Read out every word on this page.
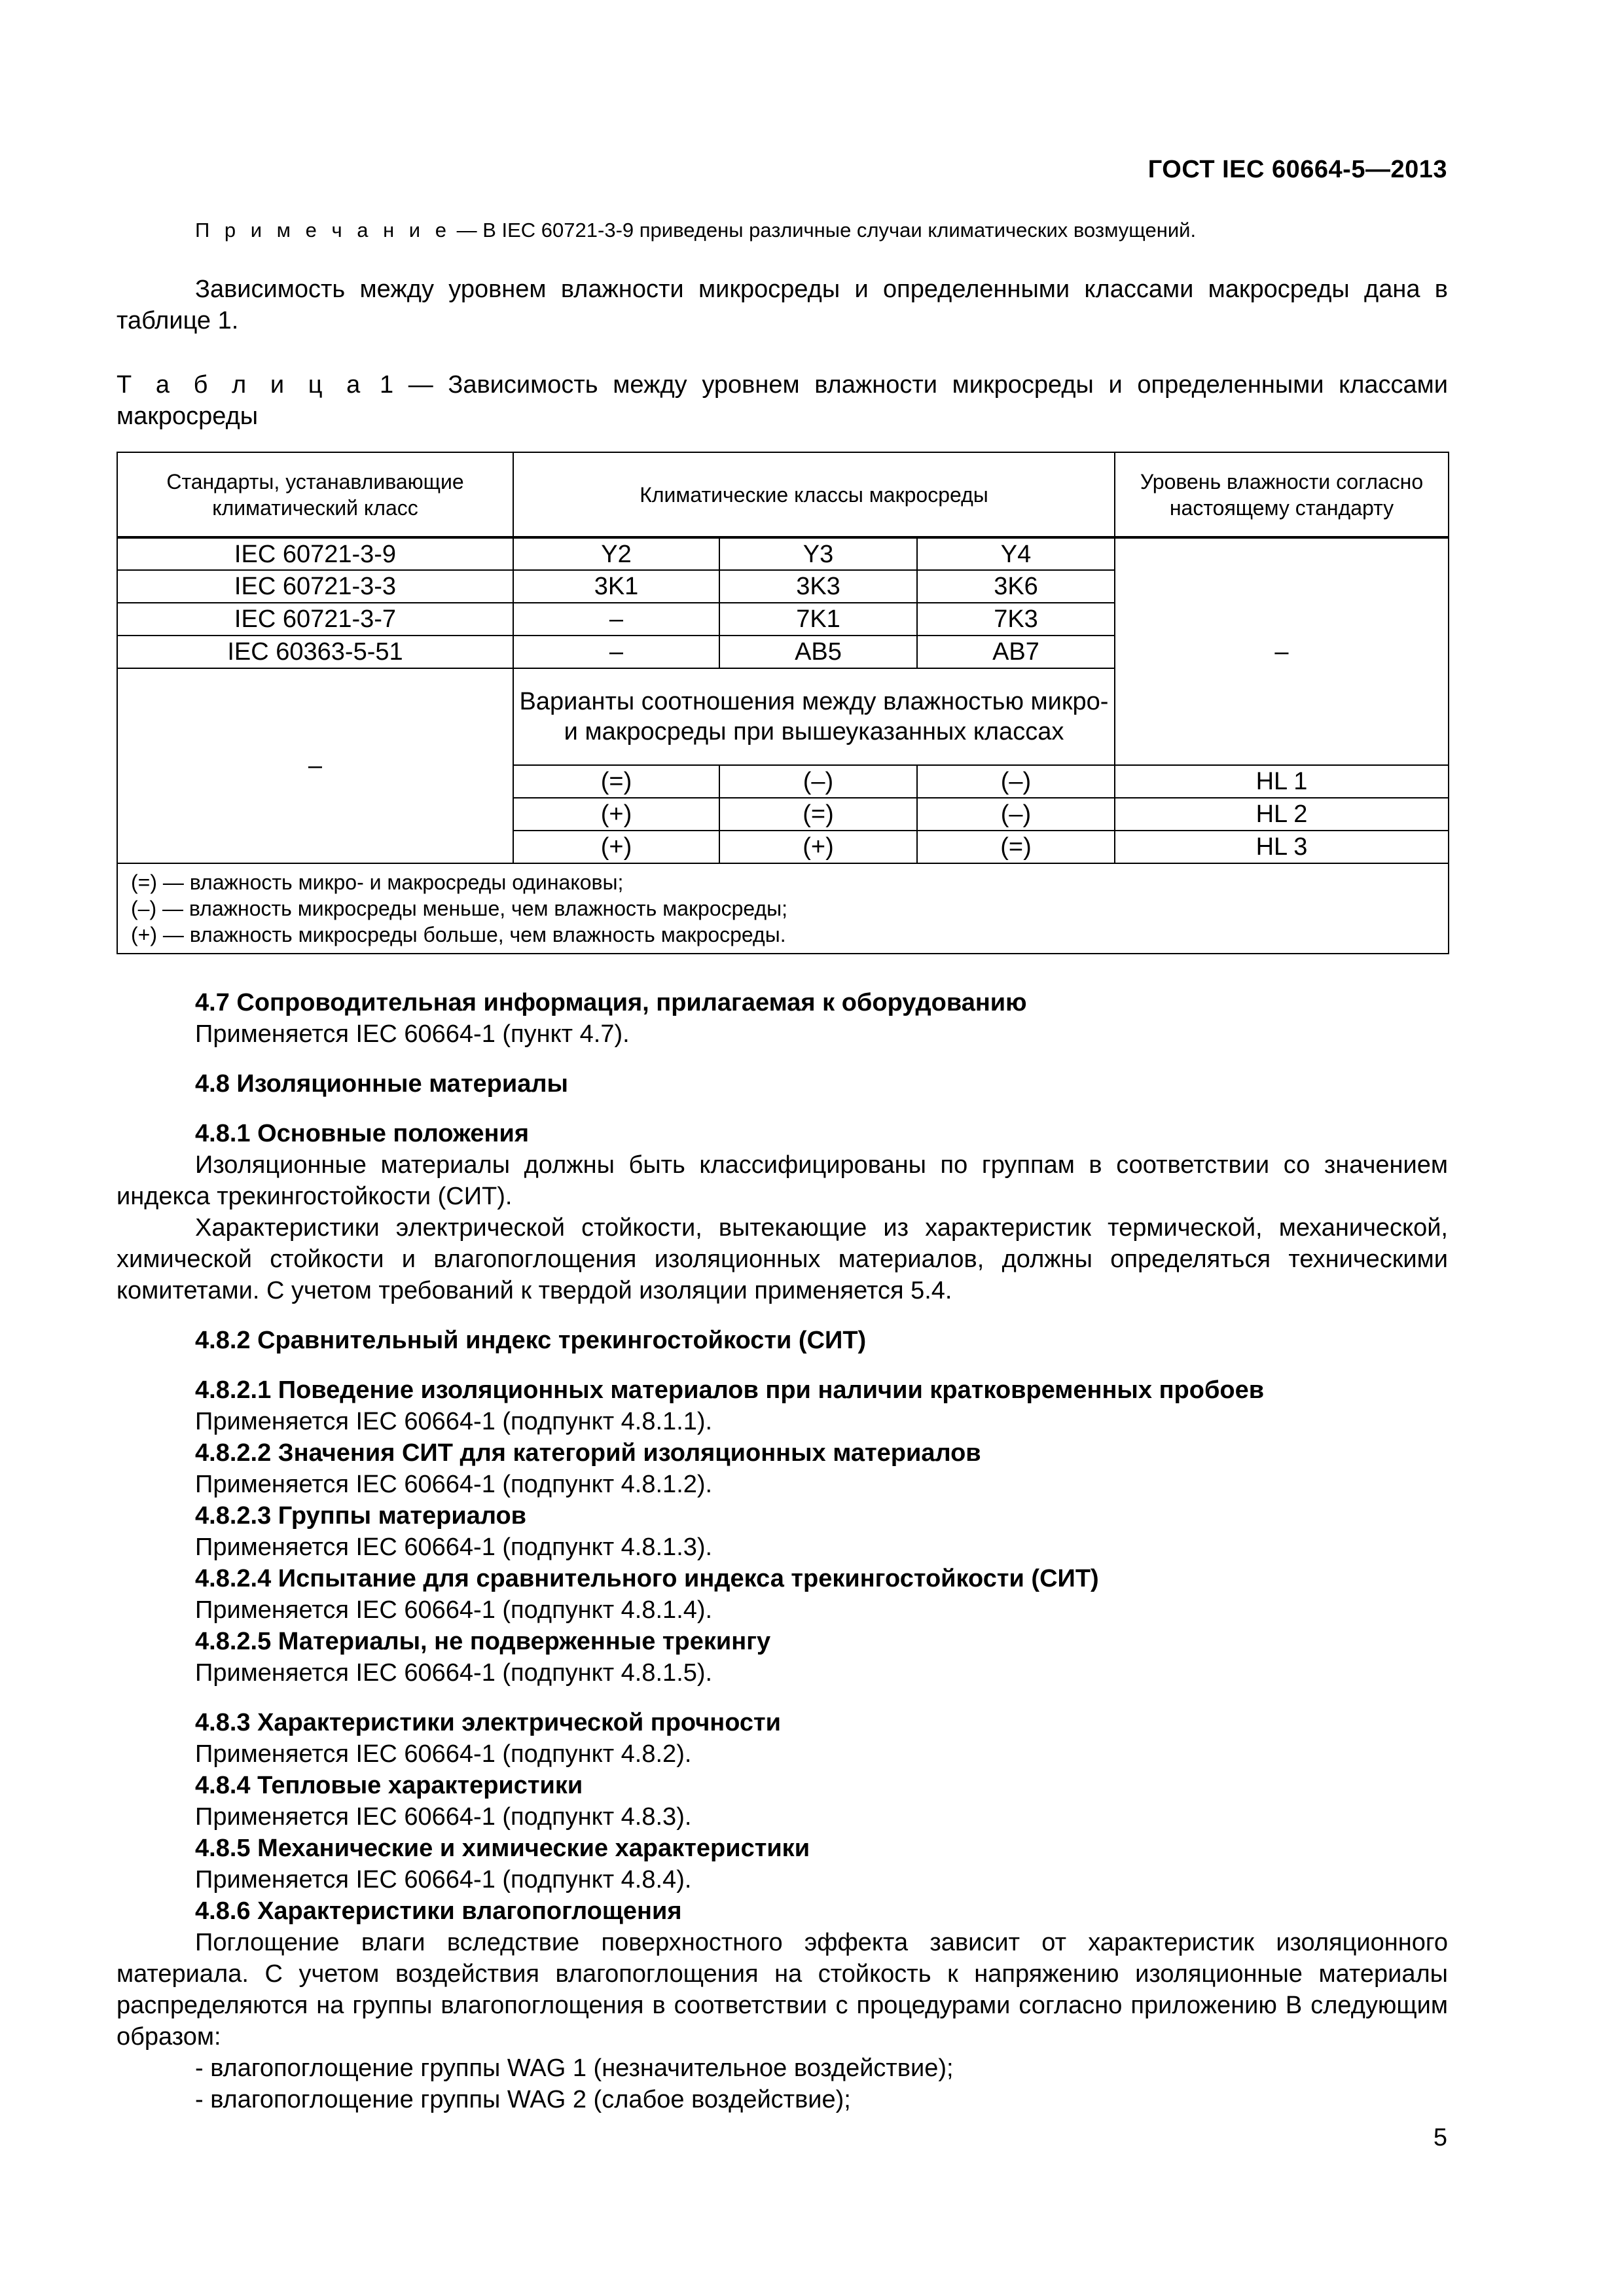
ГОСТ IEC 60664-5—2013

П р и м е ч а н и е — В IEC 60721-3-9 приведены различные случаи климатических возмущений.

Зависимость между уровнем влажности микросреды и определенными классами макросреды дана в таблице 1.

Т а б л и ц а 1 — Зависимость между уровнем влажности микросреды и определенными классами макросреды

Стандарты, устанавливающие климатический класс	Климатические классы макросреды			Уровень влажности согласно настоящему стандарту
IEC 60721-3-9	Y2	Y3	Y4	–
IEC 60721-3-3	3K1	3K3	3K6	
IEC 60721-3-7	–	7K1	7K3	
IEC 60363-5-51	–	AB5	AB7	
–	Варианты соотношения между влажностью микро- и макросреды при вышеуказанных классах			
	(=)	(–)	(–)	HL 1
	(+)	(=)	(–)	HL 2
	(+)	(+)	(=)	HL 3

(=) — влажность микро- и макросреды одинаковы;
(–) — влажность микросреды меньше, чем влажность макросреды;
(+) — влажность микросреды больше, чем влажность макросреды.				

4.7 Сопроводительная информация, прилагаемая к оборудованию

Применяется IEC 60664-1 (пункт 4.7).

4.8 Изоляционные материалы

4.8.1 Основные положения

Изоляционные материалы должны быть классифицированы по группам в соответствии со значением индекса трекингостойкости (СИТ).

Характеристики электрической стойкости, вытекающие из характеристик термической, механической, химической стойкости и влагопоглощения изоляционных материалов, должны определяться техническими комитетами. С учетом требований к твердой изоляции применяется 5.4.

4.8.2 Сравнительный индекс трекингостойкости (СИТ)

4.8.2.1 Поведение изоляционных материалов при наличии кратковременных пробоев

Применяется IEC 60664-1 (подпункт 4.8.1.1).

4.8.2.2 Значения СИТ для категорий изоляционных материалов

Применяется IEC 60664-1 (подпункт 4.8.1.2).

4.8.2.3 Группы материалов

Применяется IEC 60664-1 (подпункт 4.8.1.3).

4.8.2.4 Испытание для сравнительного индекса трекингостойкости (СИТ)

Применяется IEC 60664-1 (подпункт 4.8.1.4).

4.8.2.5 Материалы, не подверженные трекингу

Применяется IEC 60664-1 (подпункт 4.8.1.5).

4.8.3 Характеристики электрической прочности

Применяется IEC 60664-1 (подпункт 4.8.2).

4.8.4 Тепловые характеристики

Применяется IEC 60664-1 (подпункт 4.8.3).

4.8.5 Механические и химические характеристики

Применяется IEC 60664-1 (подпункт 4.8.4).

4.8.6 Характеристики влагопоглощения

Поглощение влаги вследствие поверхностного эффекта зависит от характеристик изоляционного материала. С учетом воздействия влагопоглощения на стойкость к напряжению изоляционные материалы распределяются на группы влагопоглощения в соответствии с процедурами согласно приложению B следующим образом:

- влагопоглощение группы WAG 1 (незначительное воздействие);

- влагопоглощение группы WAG 2 (слабое воздействие);

5
